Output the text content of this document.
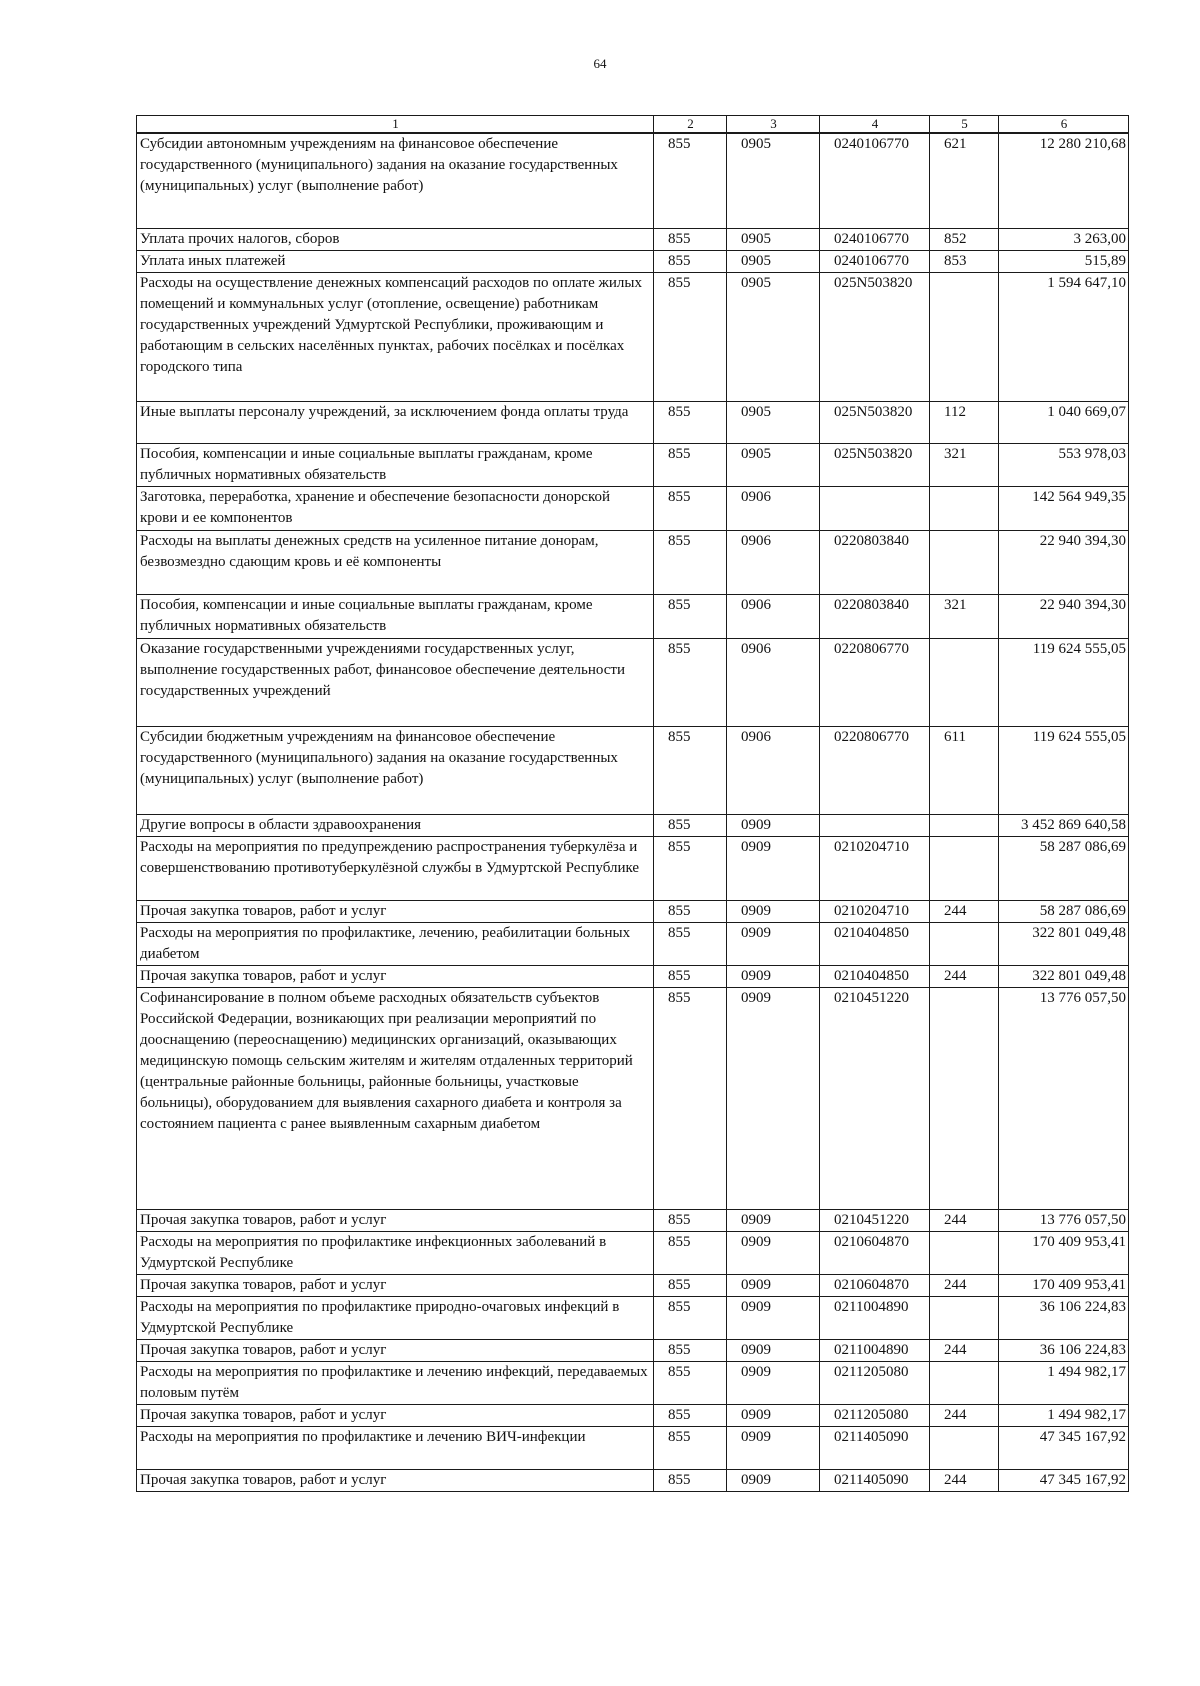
64
1	2	3	4	5	6
Субсидии автономным учреждениям на финансовое обеспечение государственного (муниципального) задания на оказание государственных (муниципальных) услуг (выполнение работ)	855	0905	0240106770	621	12 280 210,68
Уплата прочих налогов, сборов	855	0905	0240106770	852	3 263,00
Уплата иных платежей	855	0905	0240106770	853	515,89
Расходы на осуществление денежных компенсаций расходов по оплате жилых помещений и коммунальных услуг (отопление, освещение) работникам государственных учреждений Удмуртской Республики, проживающим и работающим в сельских населённых пунктах, рабочих посёлках и посёлках городского типа	855	0905	025N503820		1 594 647,10
Иные выплаты персоналу учреждений, за исключением фонда оплаты труда	855	0905	025N503820	112	1 040 669,07
Пособия, компенсации и иные социальные выплаты гражданам, кроме публичных нормативных обязательств	855	0905	025N503820	321	553 978,03
Заготовка, переработка, хранение и обеспечение безопасности донорской крови и ее компонентов	855	0906			142 564 949,35
Расходы на выплаты денежных средств на усиленное питание донорам, безвозмездно сдающим кровь и её компоненты	855	0906	0220803840		22 940 394,30
Пособия, компенсации и иные социальные выплаты гражданам, кроме публичных нормативных обязательств	855	0906	0220803840	321	22 940 394,30
Оказание государственными учреждениями государственных услуг, выполнение государственных работ, финансовое обеспечение деятельности государственных учреждений	855	0906	0220806770		119 624 555,05
Субсидии бюджетным учреждениям на финансовое обеспечение государственного (муниципального) задания на оказание государственных (муниципальных) услуг (выполнение работ)	855	0906	0220806770	611	119 624 555,05
Другие вопросы в области здравоохранения	855	0909			3 452 869 640,58
Расходы на мероприятия по предупреждению распространения туберкулёза и совершенствованию противотуберкулёзной службы в Удмуртской Республике	855	0909	0210204710		58 287 086,69
Прочая закупка товаров, работ и услуг	855	0909	0210204710	244	58 287 086,69
Расходы на мероприятия по профилактике, лечению, реабилитации больных диабетом	855	0909	0210404850		322 801 049,48
Прочая закупка товаров, работ и услуг	855	0909	0210404850	244	322 801 049,48
Софинансирование в полном объеме расходных обязательств субъектов Российской Федерации, возникающих при реализации мероприятий по дооснащению (переоснащению) медицинских организаций, оказывающих медицинскую помощь сельским жителям и жителям отдаленных территорий (центральные районные больницы, районные больницы, участковые больницы), оборудованием для выявления сахарного диабета и контроля за состоянием пациента с ранее выявленным сахарным диабетом	855	0909	0210451220		13 776 057,50
Прочая закупка товаров, работ и услуг	855	0909	0210451220	244	13 776 057,50
Расходы на мероприятия по профилактике инфекционных заболеваний в Удмуртской Республике	855	0909	0210604870		170 409 953,41
Прочая закупка товаров, работ и услуг	855	0909	0210604870	244	170 409 953,41
Расходы на мероприятия по профилактике природно-очаговых инфекций в Удмуртской Республике	855	0909	0211004890		36 106 224,83
Прочая закупка товаров, работ и услуг	855	0909	0211004890	244	36 106 224,83
Расходы на мероприятия по профилактике и лечению инфекций, передаваемых половым путём	855	0909	0211205080		1 494 982,17
Прочая закупка товаров, работ и услуг	855	0909	0211205080	244	1 494 982,17
Расходы на мероприятия по профилактике и лечению ВИЧ-инфекции	855	0909	0211405090		47 345 167,92
Прочая закупка товаров, работ и услуг	855	0909	0211405090	244	47 345 167,92
